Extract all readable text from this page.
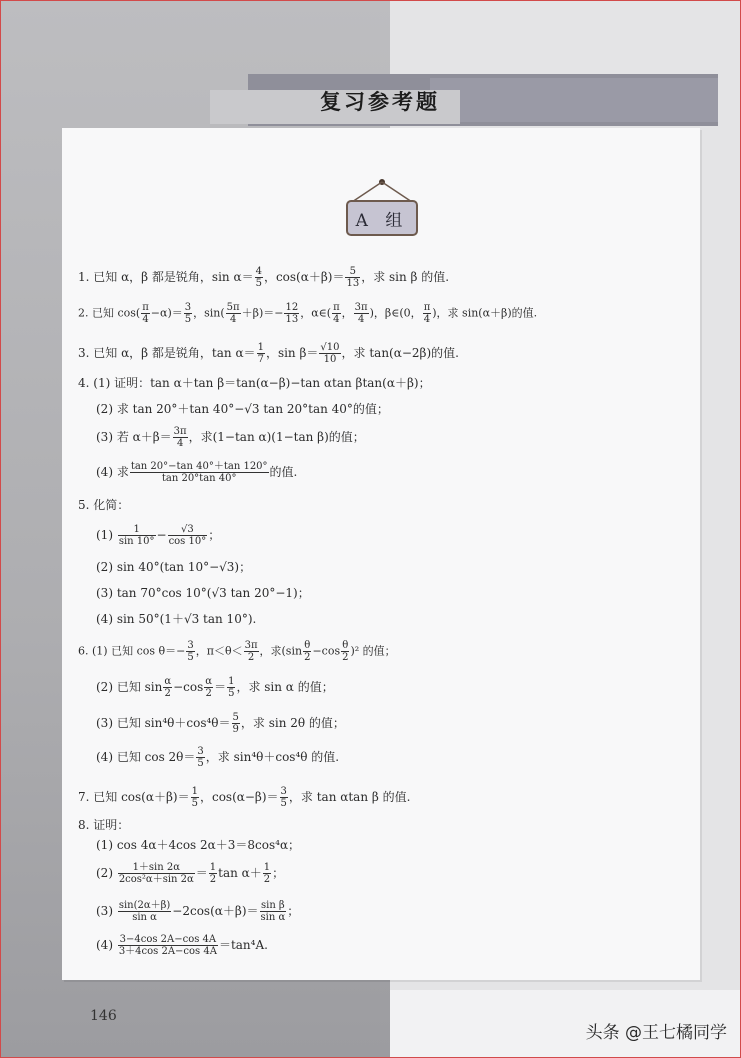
复习参考题
A 组
1. 已知 α，β 都是锐角，$\sin \alpha= \frac{4}{5}$ ，$\cos(\alpha+\beta)= \frac{5}{13}$ ，求 sin β 的值.
2. 已知 $\cos( \frac{\pi}{4} -\alpha)= \frac{3}{5}$ ，$\sin( \frac{5\pi}{4} +\beta)=- \frac{12}{13}$ ，α∈( $\frac{\pi}{4}$ ， $\frac{3\pi}{4}$ )，β∈(0， $\frac{\pi}{4}$ )，求 sin(α＋β)的值.
3. 已知 α，β 都是锐角，$\tan \alpha= \frac{1}{7}$ ，$\sin \beta= \frac{√10}{10}$ ，求 tan(α−2β)的值.
4. (1) 证明：tan α＋tan β＝tan(α−β)−tan αtan βtan(α＋β)；
(2) 求 tan 20°＋tan 40°−√3 tan 20°tan 40°的值；
(3) 若 $\alpha+\beta= \frac{3\pi}{4}$ ，求(1−tan α)(1−tan β)的值；
(4) 求 $\frac{\tan 20^\circ-\tan 40^\circ+\tan 120^\circ}{\tan 20^\circ\tan 40^\circ}$ 的值.
5. 化简：
$(1) \frac{1}{\sin 10^\circ} - \frac{√3}{\cos 10^\circ}$ ；
(2) sin 40°(tan 10°−√3)；
(3) tan 70°cos 10°(√3 tan 20°−1)；
(4) sin 50°(1＋√3 tan 10°).
6. (1) 已知 $\cos \theta=- \frac{3}{5}$ ，$\pi<\theta< \frac{3\pi}{2}$ ，求$(\sin \frac{\theta}{2} -\cos \frac{\theta}{2} )^2$ 的值；
(2) 已知 $\sin \frac{\alpha}{2} -\cos \frac{\alpha}{2} = \frac{1}{5}$ ，求 sin α 的值；
(3) 已知 $\sin^4\theta+\cos^4\theta= \frac{5}{9}$ ，求 sin 2θ 的值；
(4) 已知 $\cos 2\theta= \frac{3}{5}$ ，求 sin⁴θ＋cos⁴θ 的值.
7. 已知 $\cos(\alpha+\beta)= \frac{1}{5}$ ，$\cos(\alpha-\beta)= \frac{3}{5}$ ，求 tan αtan β 的值.
8. 证明：
(1) cos 4α＋4cos 2α＋3＝8cos⁴α；
$(2) \frac{1+\sin 2\alpha}{\text{2cos²α＋sin 2α}} = \frac{1}{2}$ $\tan \alpha+ \frac{1}{2}$ ；
$(3) \frac{\sin(2\alpha+\beta)}{\text{sin α}} -2\cos(\alpha+\beta)= \frac{\text{sin β}}{\text{sin α}}$ ；
$(4) \frac{3-4\cos 2A-\cos 4A}{3+4\cos 2A-\cos 4A} =\tan^4A$.
146
头条 @王七橘同学
